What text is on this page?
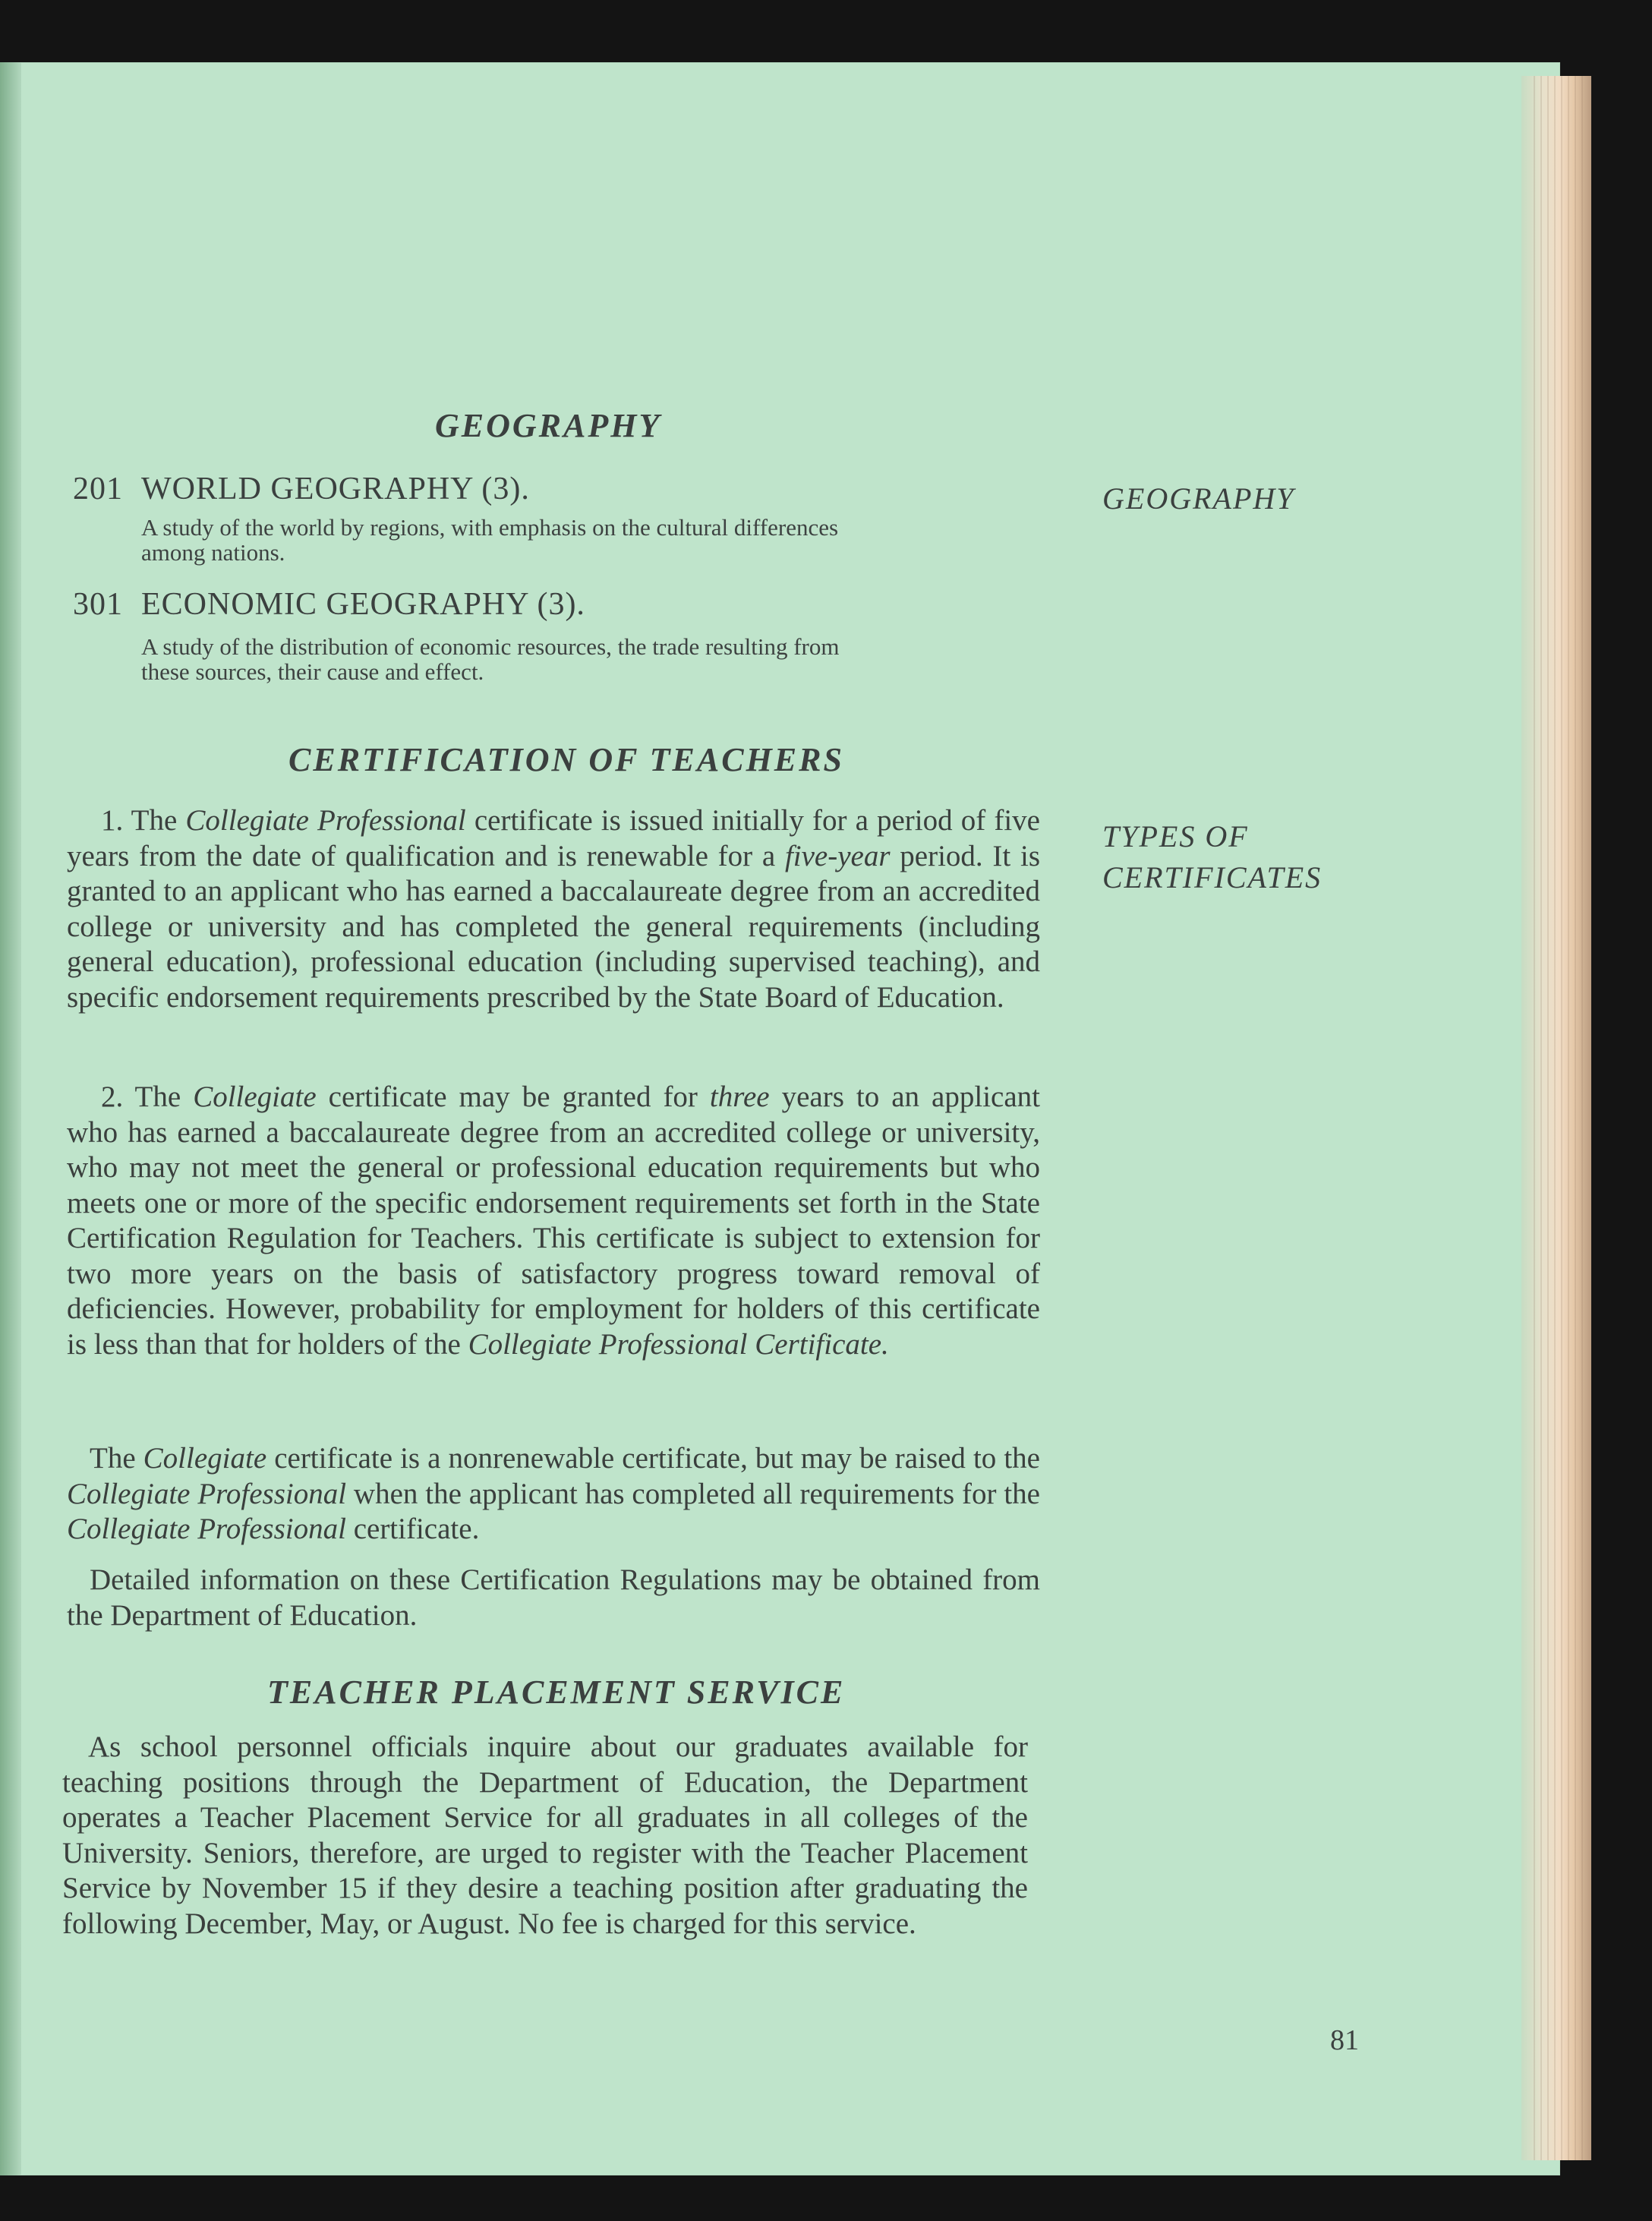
GEOGRAPHY
201 WORLD GEOGRAPHY (3).
A study of the world by regions, with emphasis on the cultural differences
among nations.
301 ECONOMIC GEOGRAPHY (3).
A study of the distribution of economic resources, the trade resulting from
these sources, their cause and effect.
CERTIFICATION OF TEACHERS

1. The Collegiate Professional certificate is issued initially for a period of five years from the date of qualification and is renewable for a five-year period. It is granted to an applicant who has earned a baccalaureate degree from an accredited college or university and has completed the general requirements (including general education), professional education (including supervised teaching), and specific endorsement requirements prescribed by the State Board of Education.

2. The Collegiate certificate may be granted for three years to an applicant who has earned a baccalaureate degree from an accredited college or university, who may not meet the general or professional education requirements but who meets one or more of the specific endorsement requirements set forth in the State Certification Regulation for Teachers. This certificate is subject to extension for two more years on the basis of satisfactory progress toward removal of deficiencies. However, probability for employment for holders of this certificate is less than that for holders of the Collegiate Professional Certificate.

The Collegiate certificate is a nonrenewable certificate, but may be raised to the Collegiate Professional when the applicant has completed all requirements for the Collegiate Professional certificate.

Detailed information on these Certification Regulations may be obtained from the Department of Education.

TEACHER PLACEMENT SERVICE

As school personnel officials inquire about our graduates available for teaching positions through the Department of Education, the Department operates a Teacher Placement Service for all graduates in all colleges of the University. Seniors, therefore, are urged to register with the Teacher Placement Service by November 15 if they desire a teaching position after graduating the following December, May, or August. No fee is charged for this service.

GEOGRAPHY
TYPES OF
CERTIFICATES
81
